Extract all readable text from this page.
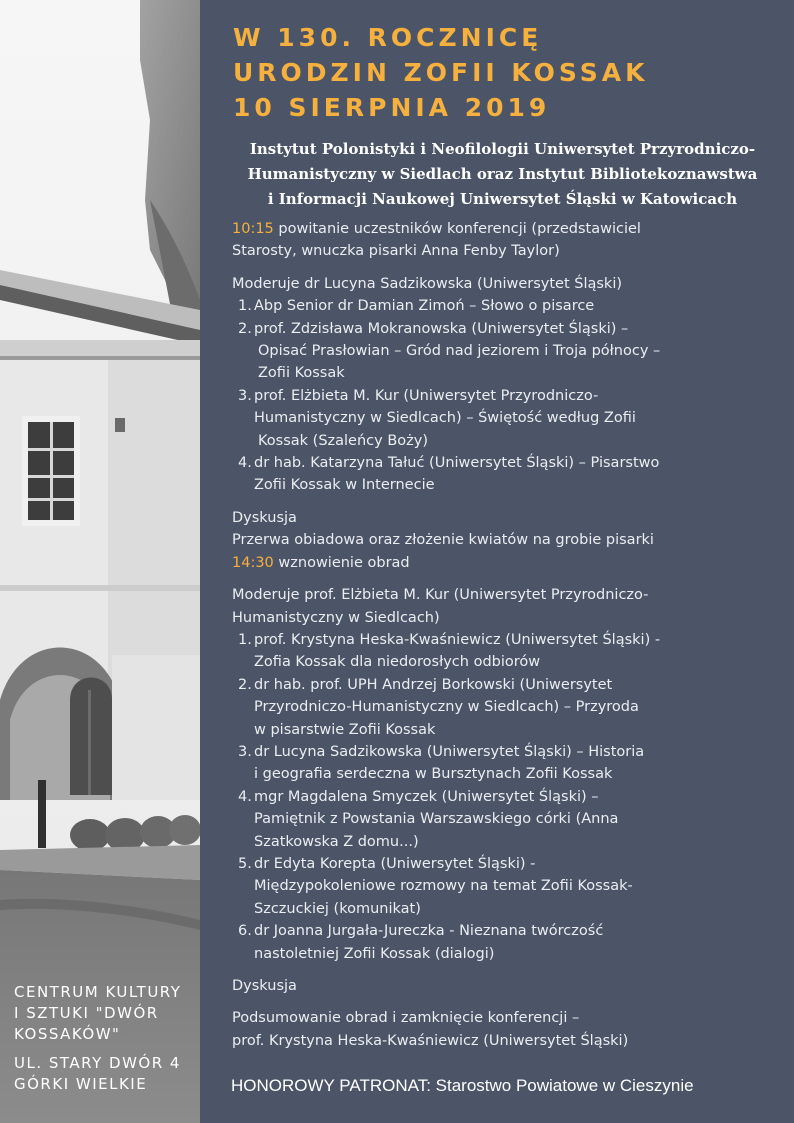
CENTRUM KULTURY
I SZTUKI "DWÓR
KOSSAKÓW"
UL. STARY DWÓR 4
GÓRKI WIELKIE
W 130. ROCZNICĘ
URODZIN ZOFII KOSSAK
10 SIERPNIA 2019
Instytut Polonistyki i Neofilologii Uniwersytet Przyrodniczo-
Humanistyczny w Siedlach oraz Instytut Bibliotekoznawstwa
i Informacji Naukowej Uniwersytet Śląski w Katowicach

10:15 powitanie uczestników konferencji (przedstawiciel
Starosty, wnuczka pisarki Anna Fenby Taylor)

Moderuje dr Lucyna Sadzikowska (Uniwersytet Śląski)

1. Abp Senior dr Damian Zimoń – Słowo o pisarce
2. prof. Zdzisława Mokranowska (Uniwersytet Śląski) –
Opisać Prasłowian – Gród nad jeziorem i Troja północy –
Zofii Kossak
3. prof. Elżbieta M. Kur (Uniwersytet Przyrodniczo-
Humanistyczny w Siedlcach) – Świętość według Zofii
Kossak (Szaleńcy Boży)
4. dr hab. Katarzyna Tałuć (Uniwersytet Śląski) – Pisarstwo
Zofii Kossak w Internecie

Dyskusja

Przerwa obiadowa oraz złożenie kwiatów na grobie pisarki

14:30 wznowienie obrad

Moderuje prof. Elżbieta M. Kur (Uniwersytet Przyrodniczo-
Humanistyczny w Siedlcach)

1. prof. Krystyna Heska-Kwaśniewicz (Uniwersytet Śląski) -
Zofia Kossak dla niedorosłych odbiorów
2. dr hab. prof. UPH Andrzej Borkowski (Uniwersytet
Przyrodniczo-Humanistyczny w Siedlcach) – Przyroda
w pisarstwie Zofii Kossak
3. dr Lucyna Sadzikowska (Uniwersytet Śląski) – Historia
i geografia serdeczna w Bursztynach Zofii Kossak
4. mgr Magdalena Smyczek (Uniwersytet Śląski) –
Pamiętnik z Powstania Warszawskiego córki (Anna
Szatkowska Z domu...)
5. dr Edyta Korepta (Uniwersytet Śląski) -
Międzypokoleniowe rozmowy na temat Zofii Kossak-
Szczuckiej (komunikat)
6. dr Joanna Jurgała-Jureczka - Nieznana twórczość
nastoletniej Zofii Kossak (dialogi)

Dyskusja

Podsumowanie obrad i zamknięcie konferencji –
prof. Krystyna Heska-Kwaśniewicz (Uniwersytet Śląski)

HONOROWY PATRONAT: Starostwo Powiatowe w Cieszynie
